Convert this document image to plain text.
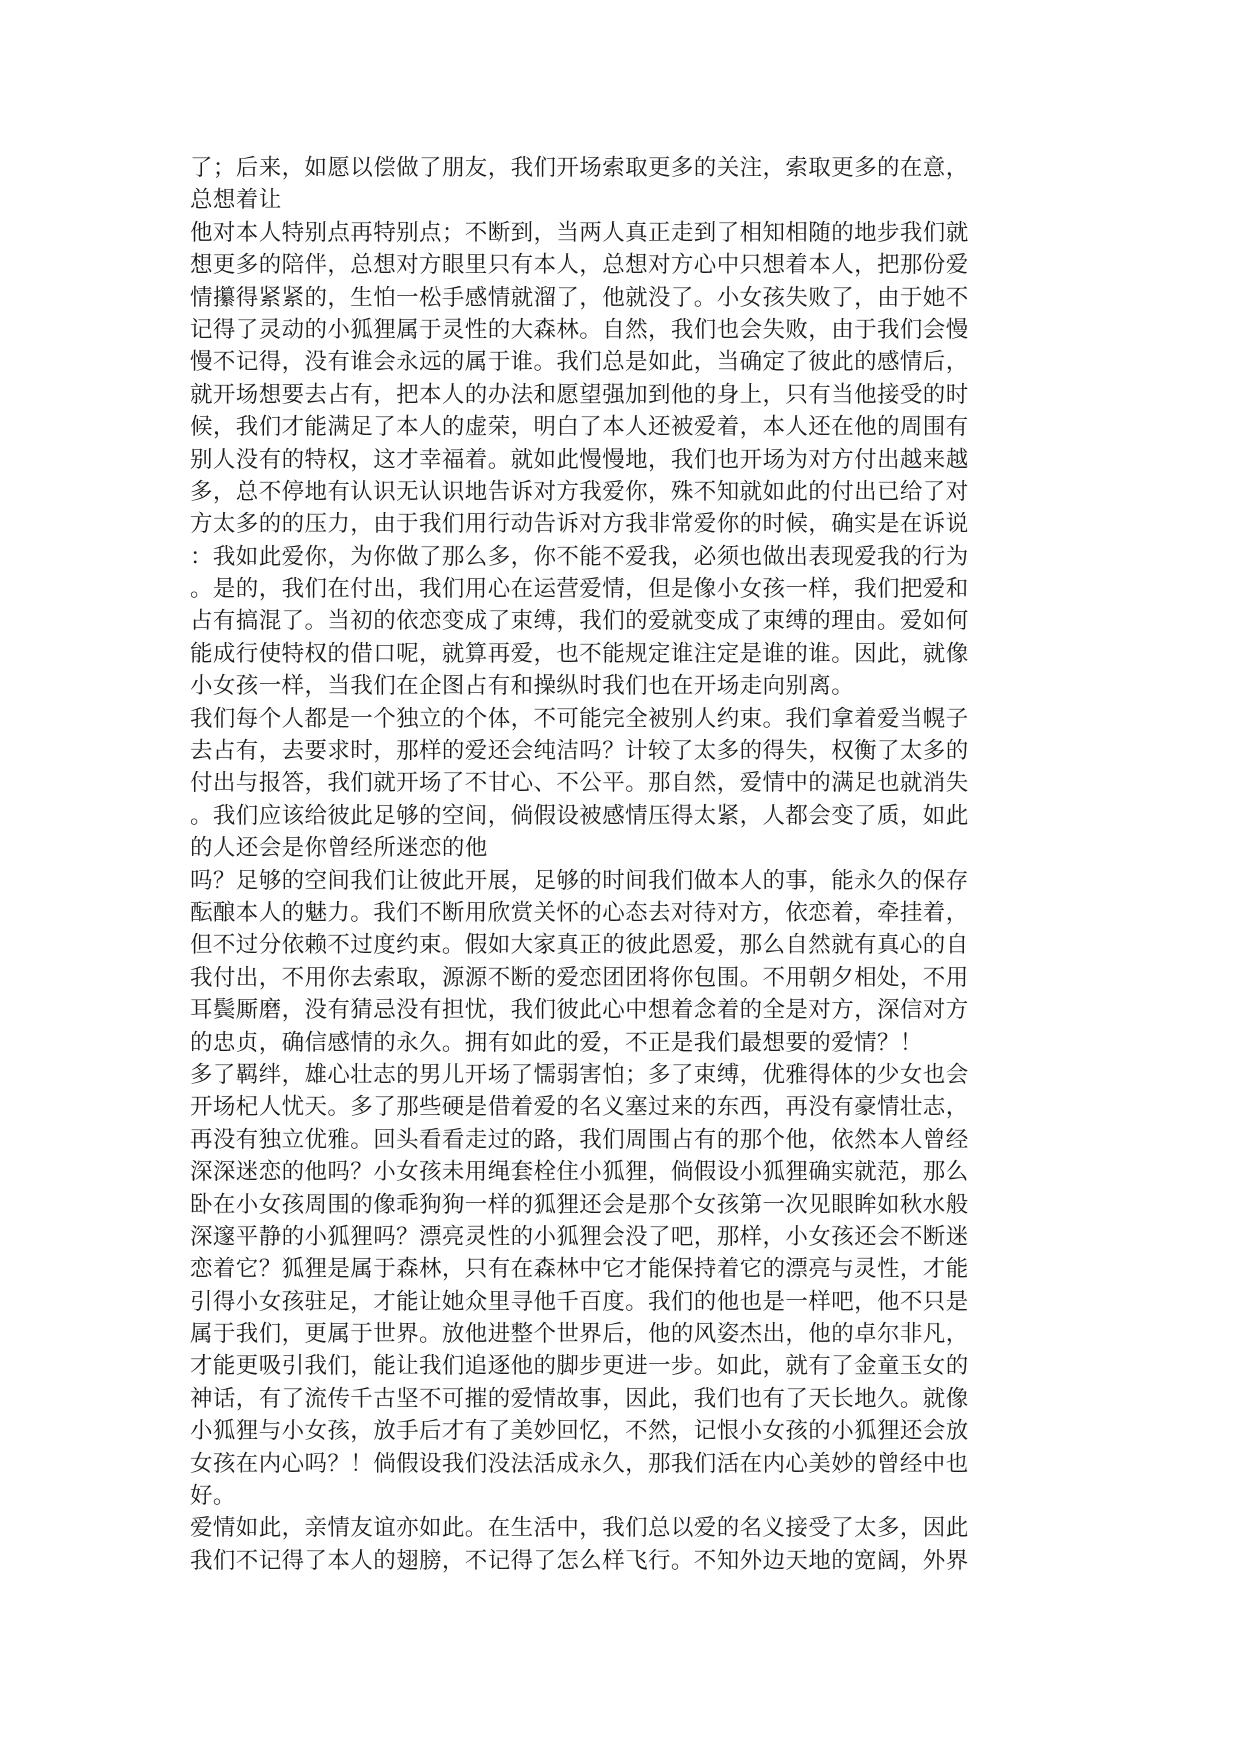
了；后来，如愿以偿做了朋友，我们开场索取更多的关注，索取更多的在意，
总想着让
他对本人特别点再特别点；不断到，当两人真正走到了相知相随的地步我们就
想更多的陪伴，总想对方眼里只有本人，总想对方心中只想着本人，把那份爱
情攥得紧紧的，生怕一松手感情就溜了，他就没了。小女孩失败了，由于她不
记得了灵动的小狐狸属于灵性的大森林。自然，我们也会失败，由于我们会慢
慢不记得，没有谁会永远的属于谁。我们总是如此，当确定了彼此的感情后，
就开场想要去占有，把本人的办法和愿望强加到他的身上，只有当他接受的时
候，我们才能满足了本人的虚荣，明白了本人还被爱着，本人还在他的周围有
别人没有的特权，这才幸福着。就如此慢慢地，我们也开场为对方付出越来越
多，总不停地有认识无认识地告诉对方我爱你，殊不知就如此的付出已给了对
方太多的的压力，由于我们用行动告诉对方我非常爱你的时候，确实是在诉说
：我如此爱你，为你做了那么多，你不能不爱我，必须也做出表现爱我的行为
。是的，我们在付出，我们用心在运营爱情，但是像小女孩一样，我们把爱和
占有搞混了。当初的依恋变成了束缚，我们的爱就变成了束缚的理由。爱如何
能成行使特权的借口呢，就算再爱，也不能规定谁注定是谁的谁。因此，就像
小女孩一样，当我们在企图占有和操纵时我们也在开场走向别离。
我们每个人都是一个独立的个体，不可能完全被别人约束。我们拿着爱当幌子
去占有，去要求时，那样的爱还会纯洁吗？计较了太多的得失，权衡了太多的
付出与报答，我们就开场了不甘心、不公平。那自然，爱情中的满足也就消失
。我们应该给彼此足够的空间，倘假设被感情压得太紧，人都会变了质，如此
的人还会是你曾经所迷恋的他
吗？足够的空间我们让彼此开展，足够的时间我们做本人的事，能永久的保存
酝酿本人的魅力。我们不断用欣赏关怀的心态去对待对方，依恋着，牵挂着，
但不过分依赖不过度约束。假如大家真正的彼此恩爱，那么自然就有真心的自
我付出，不用你去索取，源源不断的爱恋团团将你包围。不用朝夕相处，不用
耳鬓厮磨，没有猜忌没有担忧，我们彼此心中想着念着的全是对方，深信对方
的忠贞，确信感情的永久。拥有如此的爱，不正是我们最想要的爱情？！
多了羁绊，雄心壮志的男儿开场了懦弱害怕；多了束缚，优雅得体的少女也会
开场杞人忧天。多了那些硬是借着爱的名义塞过来的东西，再没有豪情壮志，
再没有独立优雅。回头看看走过的路，我们周围占有的那个他，依然本人曾经
深深迷恋的他吗？小女孩未用绳套栓住小狐狸，倘假设小狐狸确实就范，那么
卧在小女孩周围的像乖狗狗一样的狐狸还会是那个女孩第一次见眼眸如秋水般
深邃平静的小狐狸吗？漂亮灵性的小狐狸会没了吧，那样，小女孩还会不断迷
恋着它？狐狸是属于森林，只有在森林中它才能保持着它的漂亮与灵性，才能
引得小女孩驻足，才能让她众里寻他千百度。我们的他也是一样吧，他不只是
属于我们，更属于世界。放他进整个世界后，他的风姿杰出，他的卓尔非凡，
才能更吸引我们，能让我们追逐他的脚步更进一步。如此，就有了金童玉女的
神话，有了流传千古坚不可摧的爱情故事，因此，我们也有了天长地久。就像
小狐狸与小女孩，放手后才有了美妙回忆，不然，记恨小女孩的小狐狸还会放
女孩在内心吗？！倘假设我们没法活成永久，那我们活在内心美妙的曾经中也
好。
爱情如此，亲情友谊亦如此。在生活中，我们总以爱的名义接受了太多，因此
我们不记得了本人的翅膀，不记得了怎么样飞行。不知外边天地的宽阔，外界
